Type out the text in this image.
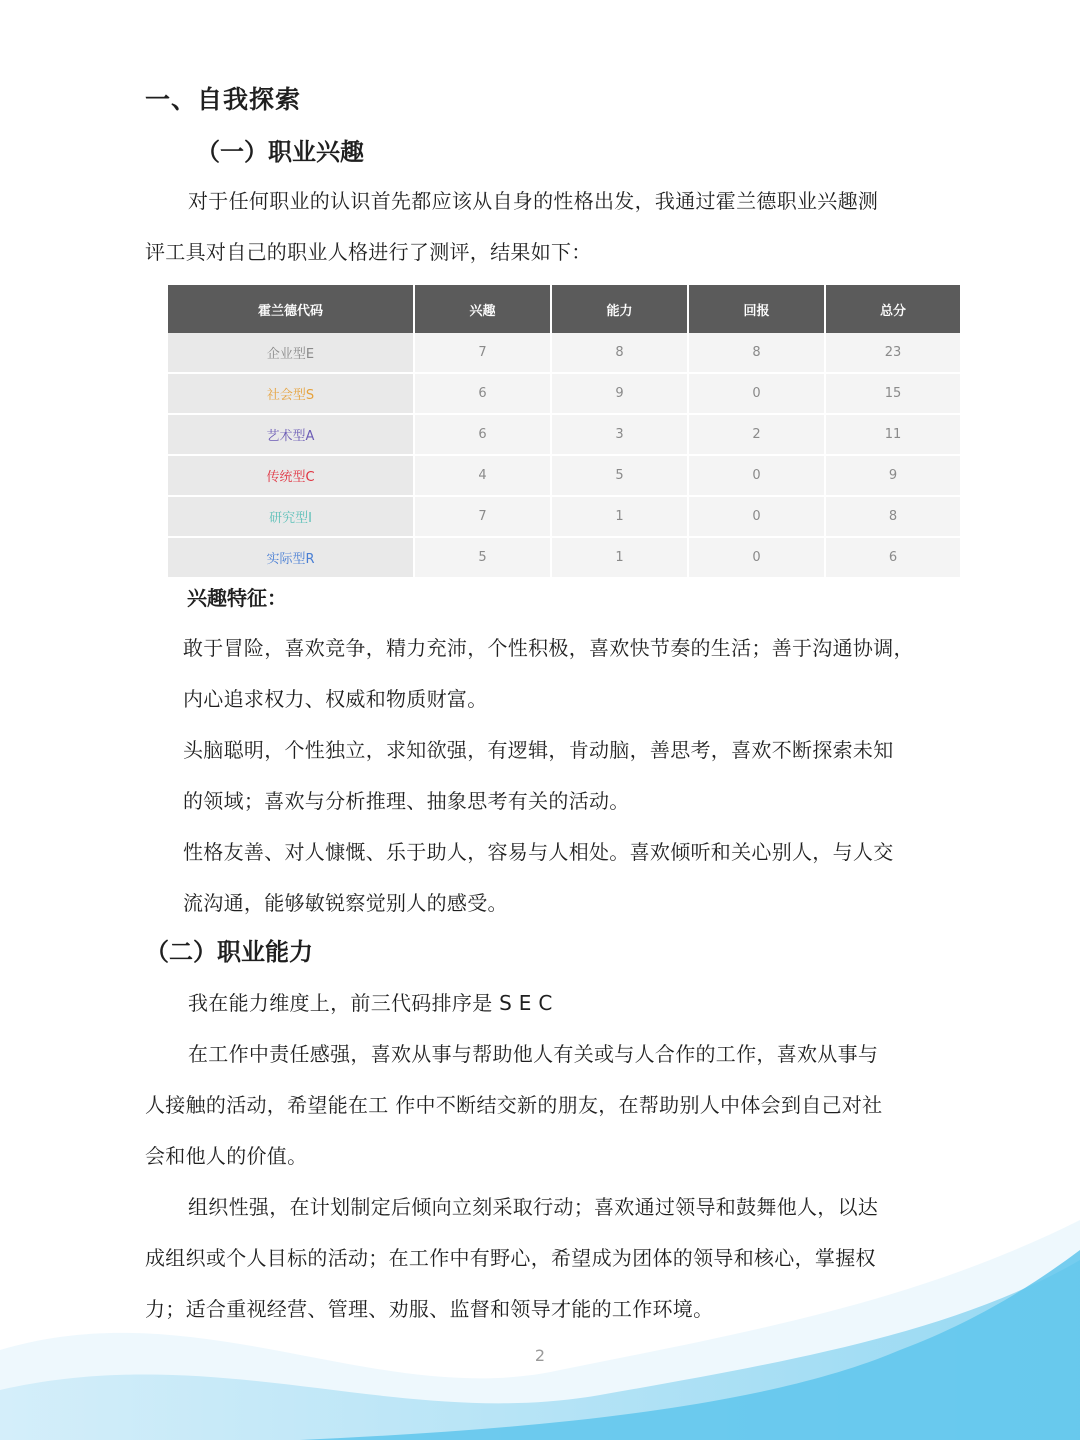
一、自我探索
（一）职业兴趣
对于任何职业的认识首先都应该从自身的性格出发，我通过霍兰德职业兴趣测
评工具对自己的职业人格进行了测评，结果如下：
霍兰德代码	兴趣	能力	回报	总分
企业型E	7	8	8	23
社会型S	6	9	0	15
艺术型A	6	3	2	11
传统型C	4	5	0	9
研究型I	7	1	0	8
实际型R	5	1	0	6
兴趣特征：
敢于冒险，喜欢竞争，精力充沛，个性积极，喜欢快节奏的生活；善于沟通协调，
内心追求权力、权威和物质财富。
头脑聪明，个性独立，求知欲强，有逻辑，肯动脑，善思考，喜欢不断探索未知
的领域；喜欢与分析推理、抽象思考有关的活动。
性格友善、对人慷慨、乐于助人，容易与人相处。喜欢倾听和关心别人，与人交
流沟通，能够敏锐察觉别人的感受。
（二）职业能力
我在能力维度上，前三代码排序是 S E C
在工作中责任感强，喜欢从事与帮助他人有关或与人合作的工作，喜欢从事与
人接触的活动，希望能在工 作中不断结交新的朋友，在帮助别人中体会到自己对社
会和他人的价值。
组织性强，在计划制定后倾向立刻采取行动；喜欢通过领导和鼓舞他人，以达
成组织或个人目标的活动；在工作中有野心，希望成为团体的领导和核心，掌握权
力；适合重视经营、管理、劝服、监督和领导才能的工作环境。
2
